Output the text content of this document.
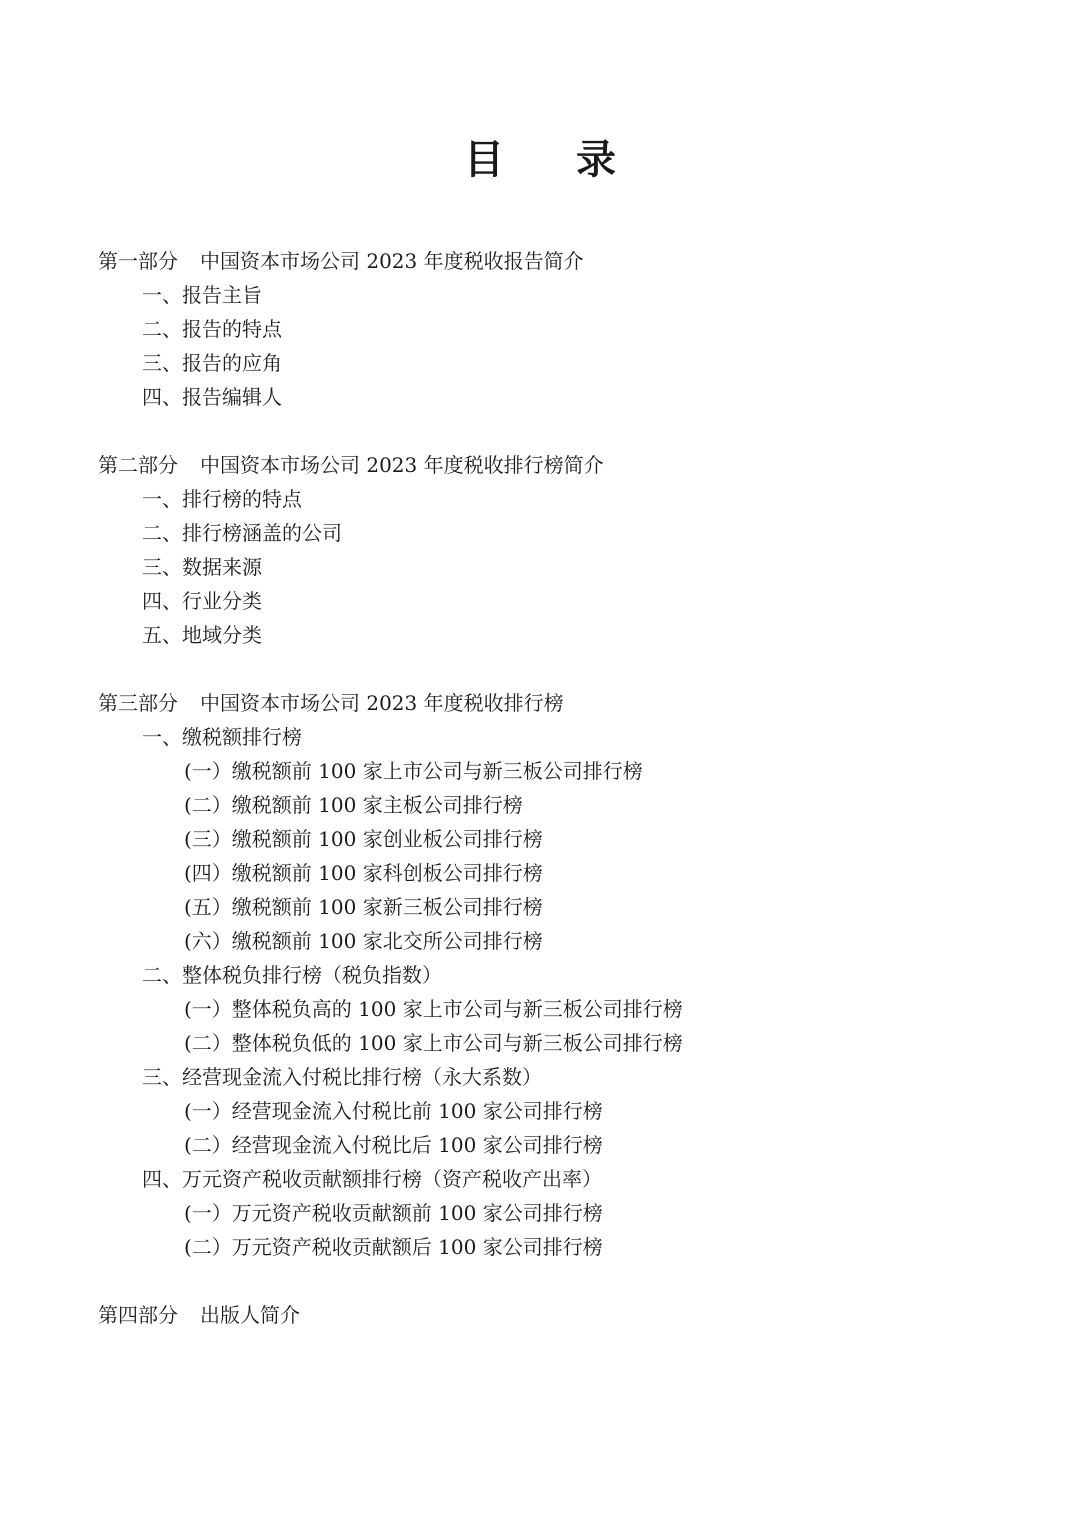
目 录
第一部分 中国资本市场公司 2023 年度税收报告简介
一、报告主旨
二、报告的特点
三、报告的应角
四、报告编辑人
第二部分 中国资本市场公司 2023 年度税收排行榜简介
一、排行榜的特点
二、排行榜涵盖的公司
三、数据来源
四、行业分类
五、地域分类
第三部分 中国资本市场公司 2023 年度税收排行榜
一、缴税额排行榜
(一）缴税额前 100 家上市公司与新三板公司排行榜
(二）缴税额前 100 家主板公司排行榜
(三）缴税额前 100 家创业板公司排行榜
(四）缴税额前 100 家科创板公司排行榜
(五）缴税额前 100 家新三板公司排行榜
(六）缴税额前 100 家北交所公司排行榜
二、整体税负排行榜（税负指数）
(一）整体税负高的 100 家上市公司与新三板公司排行榜
(二）整体税负低的 100 家上市公司与新三板公司排行榜
三、经营现金流入付税比排行榜（永大系数）
(一）经营现金流入付税比前 100 家公司排行榜
(二）经营现金流入付税比后 100 家公司排行榜
四、万元资产税收贡献额排行榜（资产税收产出率）
(一）万元资产税收贡献额前 100 家公司排行榜
(二）万元资产税收贡献额后 100 家公司排行榜
第四部分 出版人简介
